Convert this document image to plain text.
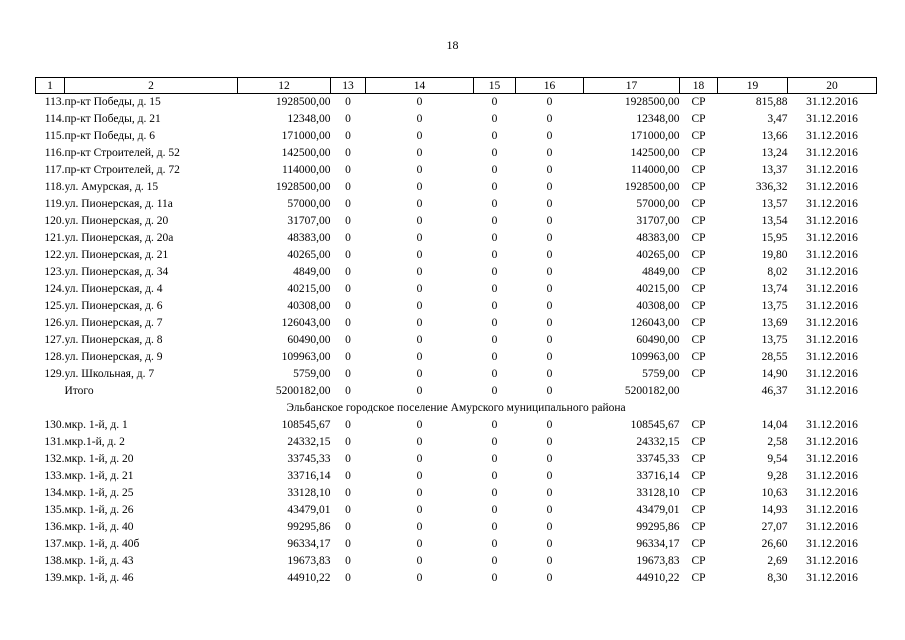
18
1	2	12	13	14	15	16	17	18	19	20
113.	пр-кт Победы, д. 15	1928500,00	0	0	0	0	1928500,00	СР	815,88	31.12.2016
114.	пр-кт Победы, д. 21	12348,00	0	0	0	0	12348,00	СР	3,47	31.12.2016
115.	пр-кт Победы, д. 6	171000,00	0	0	0	0	171000,00	СР	13,66	31.12.2016
116.	пр-кт Строителей, д. 52	142500,00	0	0	0	0	142500,00	СР	13,24	31.12.2016
117.	пр-кт Строителей, д. 72	114000,00	0	0	0	0	114000,00	СР	13,37	31.12.2016
118.	ул. Амурская, д. 15	1928500,00	0	0	0	0	1928500,00	СР	336,32	31.12.2016
119.	ул. Пионерская, д. 11а	57000,00	0	0	0	0	57000,00	СР	13,57	31.12.2016
120.	ул. Пионерская, д. 20	31707,00	0	0	0	0	31707,00	СР	13,54	31.12.2016
121.	ул. Пионерская, д. 20а	48383,00	0	0	0	0	48383,00	СР	15,95	31.12.2016
122.	ул. Пионерская, д. 21	40265,00	0	0	0	0	40265,00	СР	19,80	31.12.2016
123.	ул. Пионерская, д. 34	4849,00	0	0	0	0	4849,00	СР	8,02	31.12.2016
124.	ул. Пионерская, д. 4	40215,00	0	0	0	0	40215,00	СР	13,74	31.12.2016
125.	ул. Пионерская, д. 6	40308,00	0	0	0	0	40308,00	СР	13,75	31.12.2016
126.	ул. Пионерская, д. 7	126043,00	0	0	0	0	126043,00	СР	13,69	31.12.2016
127.	ул. Пионерская, д. 8	60490,00	0	0	0	0	60490,00	СР	13,75	31.12.2016
128.	ул. Пионерская, д. 9	109963,00	0	0	0	0	109963,00	СР	28,55	31.12.2016
129.	ул. Школьная, д. 7	5759,00	0	0	0	0	5759,00	СР	14,90	31.12.2016
	Итого	5200182,00	0	0	0	0	5200182,00		46,37	31.12.2016
Эльбанское городское поселение Амурского муниципального района										
130.	мкр. 1-й, д. 1	108545,67	0	0	0	0	108545,67	СР	14,04	31.12.2016
131.	мкр.1-й, д. 2	24332,15	0	0	0	0	24332,15	СР	2,58	31.12.2016
132.	мкр. 1-й, д. 20	33745,33	0	0	0	0	33745,33	СР	9,54	31.12.2016
133.	мкр. 1-й, д. 21	33716,14	0	0	0	0	33716,14	СР	9,28	31.12.2016
134.	мкр. 1-й, д. 25	33128,10	0	0	0	0	33128,10	СР	10,63	31.12.2016
135.	мкр. 1-й, д. 26	43479,01	0	0	0	0	43479,01	СР	14,93	31.12.2016
136.	мкр. 1-й, д. 40	99295,86	0	0	0	0	99295,86	СР	27,07	31.12.2016
137.	мкр. 1-й, д. 40б	96334,17	0	0	0	0	96334,17	СР	26,60	31.12.2016
138.	мкр. 1-й, д. 43	19673,83	0	0	0	0	19673,83	СР	2,69	31.12.2016
139.	мкр. 1-й, д. 46	44910,22	0	0	0	0	44910,22	СР	8,30	31.12.2016
